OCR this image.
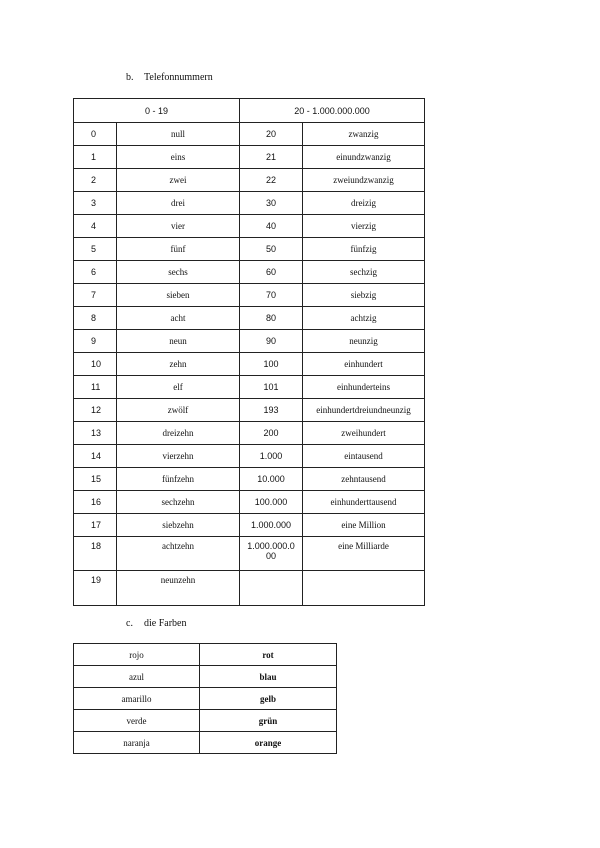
b. Telefonnummern
0 - 19		20 - 1.000.000.000	
0	null	20	zwanzig
1	eins	21	einundzwanzig
2	zwei	22	zweiundzwanzig
3	drei	30	dreizig
4	vier	40	vierzig
5	fünf	50	fünfzig
6	sechs	60	sechzig
7	sieben	70	siebzig
8	acht	80	achtzig
9	neun	90	neunzig
10	zehn	100	einhundert
11	elf	101	einhunderteins
12	zwölf	193	einhundertdreiundneunzig
13	dreizehn	200	zweihundert
14	vierzehn	1.000	eintausend
15	fünfzehn	10.000	zehntausend
16	sechzehn	100.000	einhunderttausend
17	siebzehn	1.000.000	eine Million
18	achtzehn	1.000.000.0 00	eine Milliarde
19	neunzehn		
c.	die Farben
rojo	rot
azul	blau
amarillo	gelb
verde	grün
naranja	orange
